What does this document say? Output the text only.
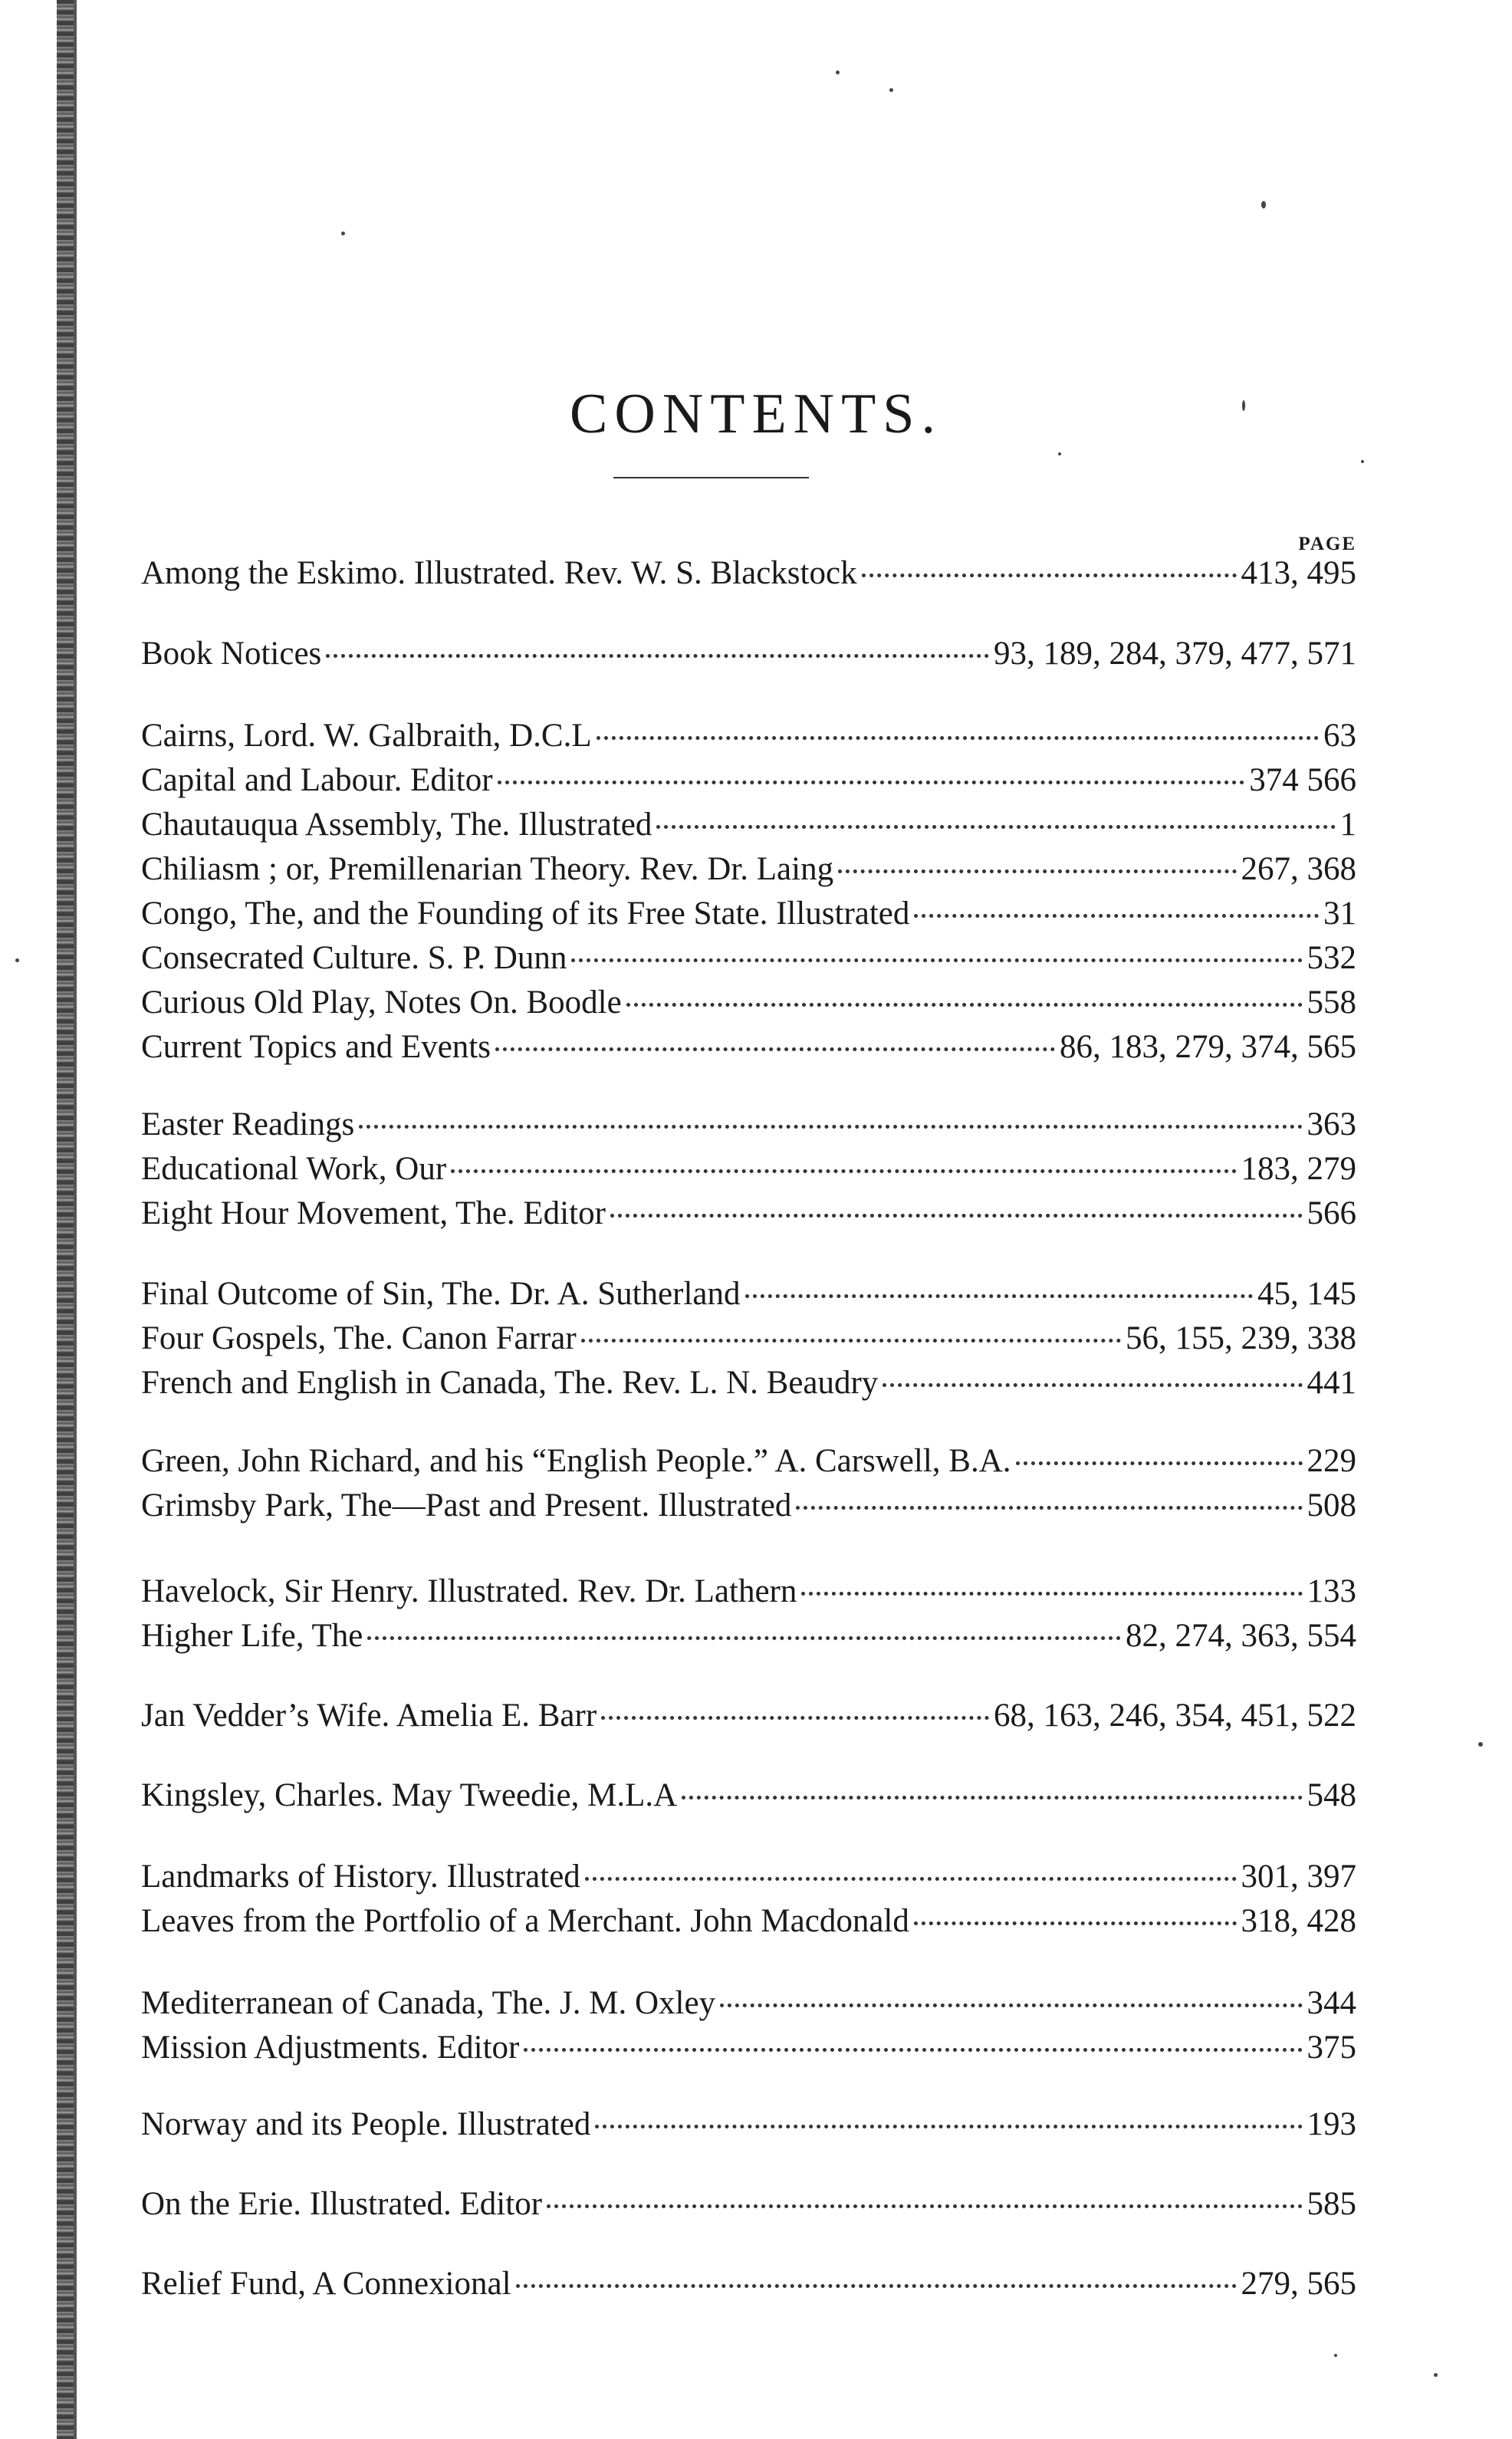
CONTENTS.
PAGE
Among the Eskimo. Illustrated. Rev. W. S. Blackstock	413, 495
Book Notices	93, 189, 284, 379, 477, 571
Cairns, Lord. W. Galbraith, D.C.L	63
Capital and Labour. Editor	374 566
Chautauqua Assembly, The. Illustrated	1
Chiliasm ; or, Premillenarian Theory. Rev. Dr. Laing	267, 368
Congo, The, and the Founding of its Free State. Illustrated	31
Consecrated Culture. S. P. Dunn	532
Curious Old Play, Notes On. Boodle	558
Current Topics and Events	86, 183, 279, 374, 565
Easter Readings	363
Educational Work, Our	183, 279
Eight Hour Movement, The. Editor	566
Final Outcome of Sin, The. Dr. A. Sutherland	45, 145
Four Gospels, The. Canon Farrar	56, 155, 239, 338
French and English in Canada, The. Rev. L. N. Beaudry	441
Green, John Richard, and his “English People.” A. Carswell, B.A.	229
Grimsby Park, The—Past and Present. Illustrated	508
Havelock, Sir Henry. Illustrated. Rev. Dr. Lathern	133
Higher Life, The	82, 274, 363, 554
Jan Vedder’s Wife. Amelia E. Barr	68, 163, 246, 354, 451, 522
Kingsley, Charles. May Tweedie, M.L.A	548
Landmarks of History. Illustrated	301, 397
Leaves from the Portfolio of a Merchant. John Macdonald	318, 428
Mediterranean of Canada, The. J. M. Oxley	344
Mission Adjustments. Editor	375
Norway and its People. Illustrated	193
On the Erie. Illustrated. Editor	585
Relief Fund, A Connexional	279, 565
